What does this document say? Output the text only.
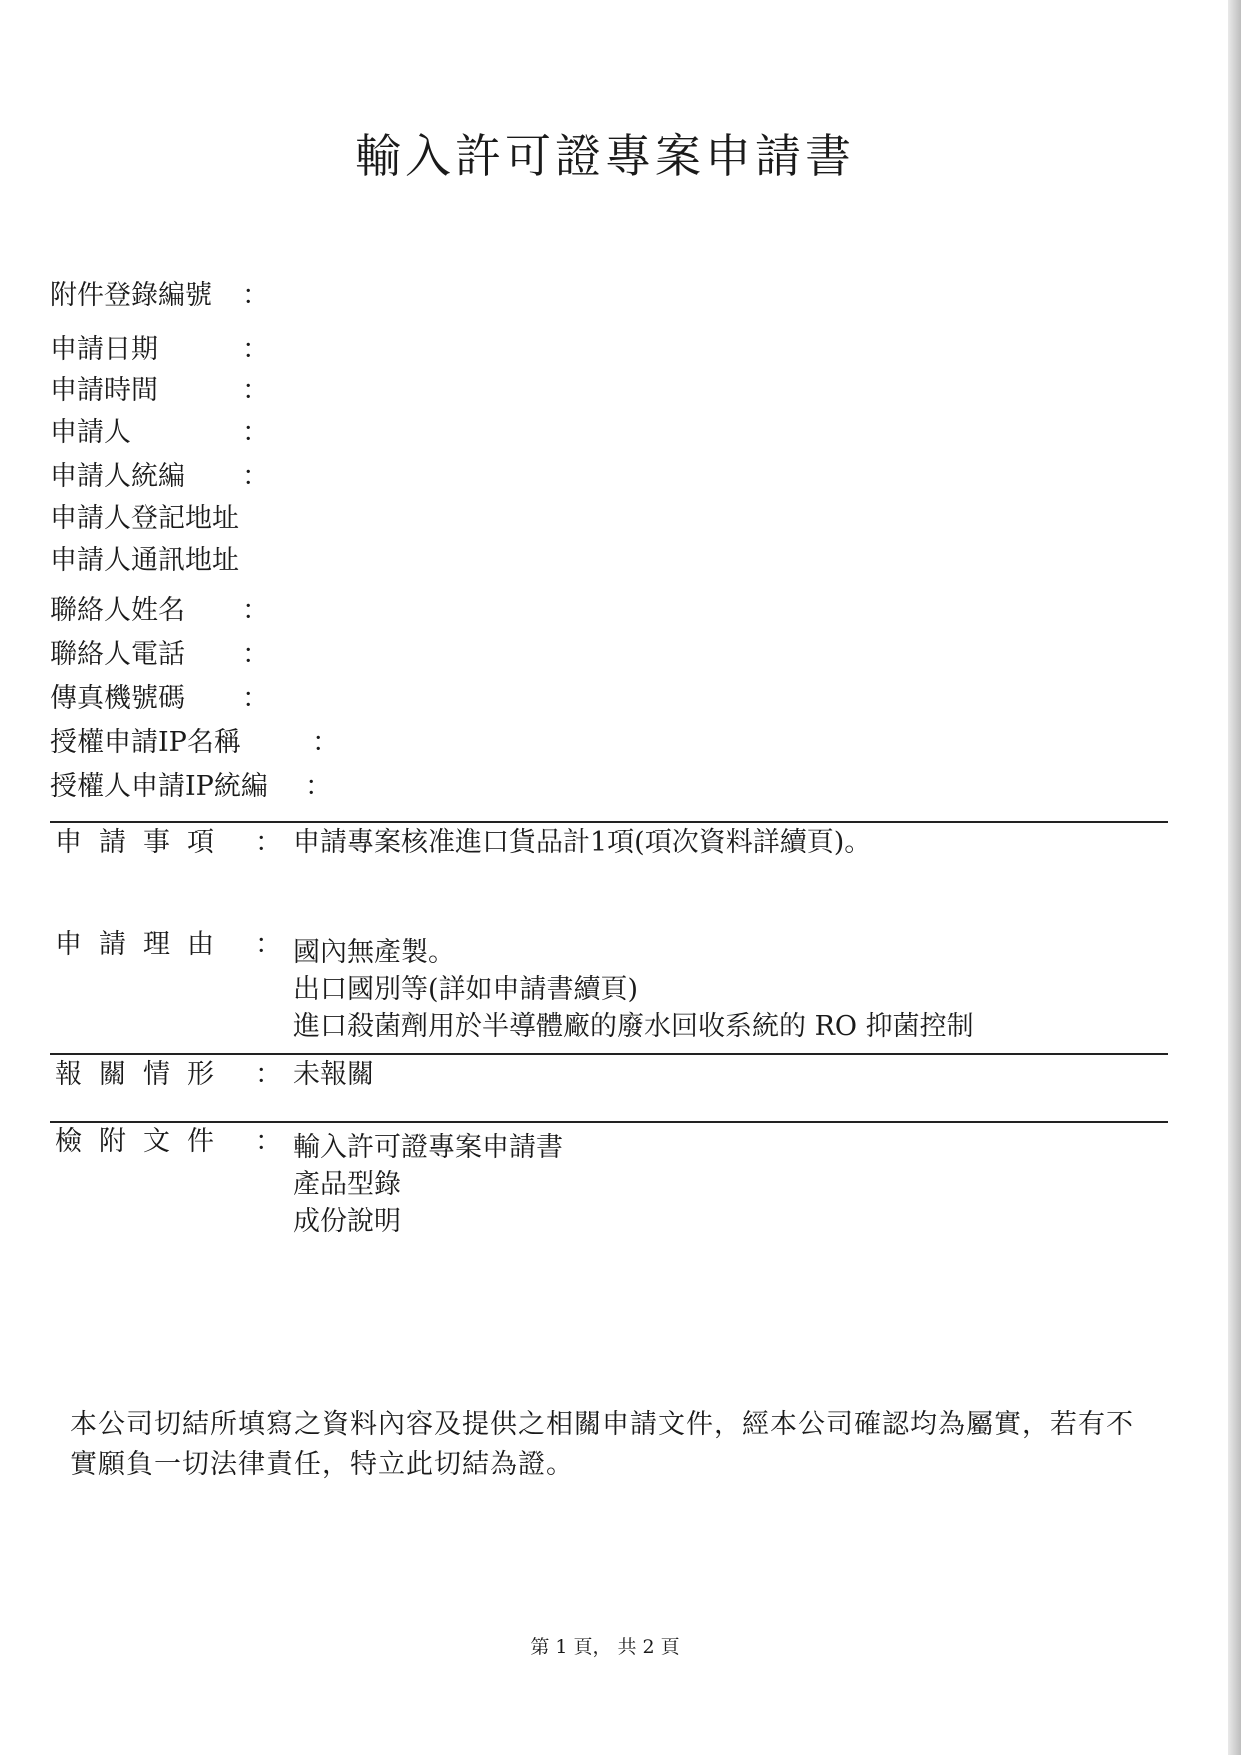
輸入許可證專案申請書
附件登錄編號 ：
申請日期	：
申請時間	：
申請人	：
申請人統編 ：
申請人登記地址
申請人通訊地址
聯絡人姓名 ：
聯絡人電話 ：
傳真機號碼 ：
授權申請IP名稱	：
授權人申請IP統編 ：
申請事項 ： 申請專案核准進口貨品計1項(項次資料詳續頁)。
申請理由 ： 國內無產製。
出口國別等(詳如申請書續頁)
進口殺菌劑用於半導體廠的廢水回收系統的 RO 抑菌控制
報關情形 ： 未報關
檢附文件 ： 輸入許可證專案申請書
產品型錄
成份說明
本公司切結所填寫之資料內容及提供之相關申請文件，經本公司確認均為屬實，若有不實願負一切法律責任，特立此切結為證。
第 1 頁， 共 2 頁
